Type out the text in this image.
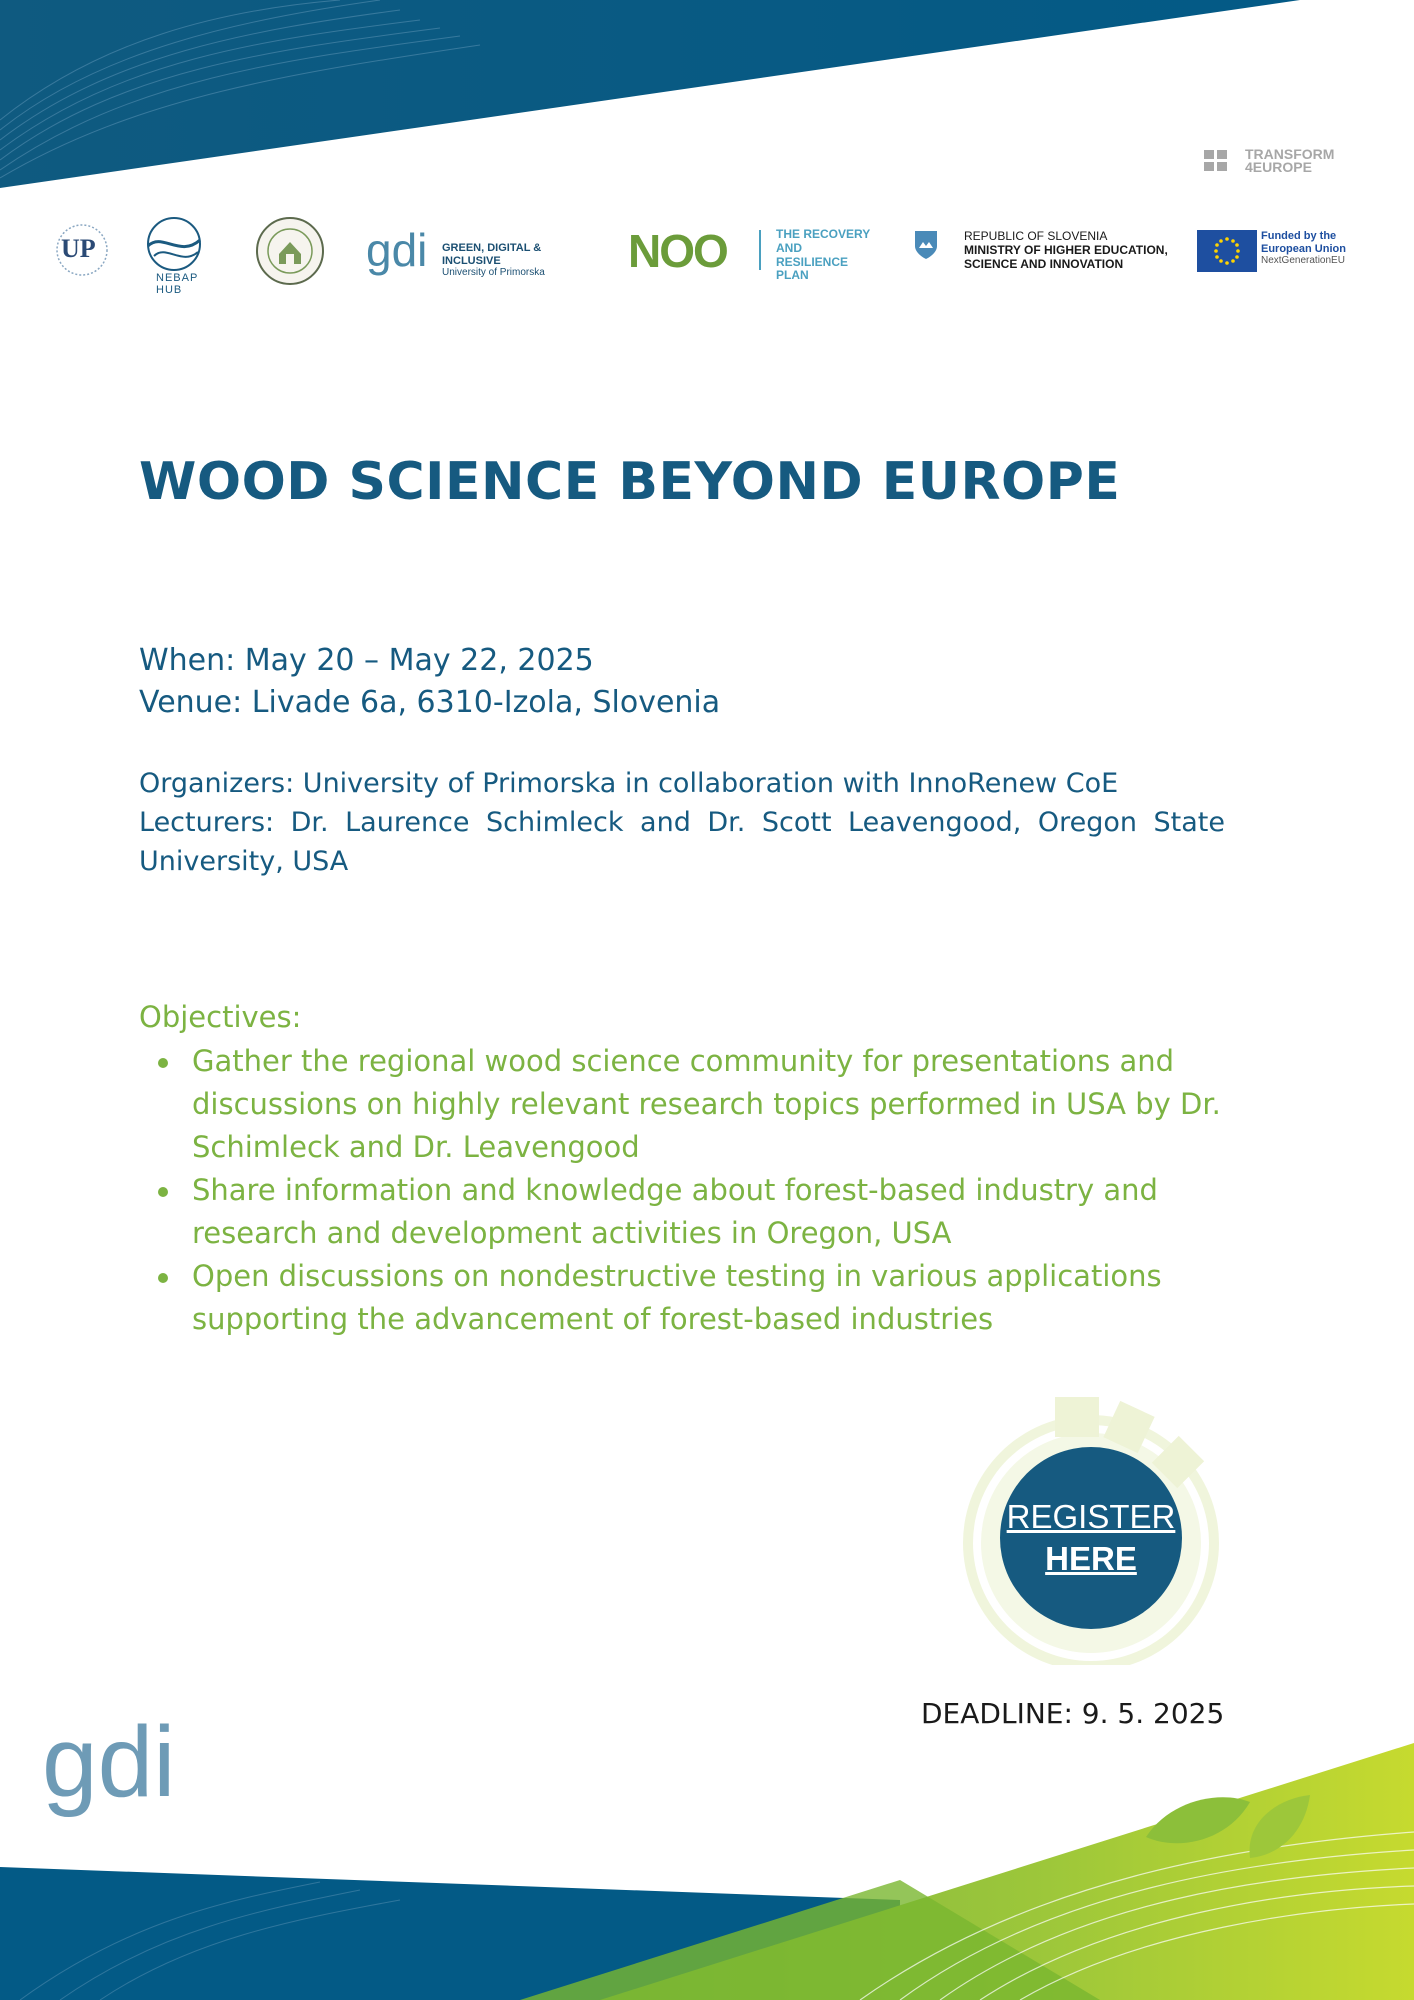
TRANSFORM
4EUROPE
UP
NEBAP HUB
gdi GREEN, DIGITAL & INCLUSIVE
University of Primorska	NOO	THE RECOVERY
AND RESILIENCE
PLAN
REPUBLIC OF SLOVENIA
MINISTRY OF HIGHER EDUCATION,
SCIENCE AND INNOVATION
Funded by the
European Union
NextGenerationEU
WOOD SCIENCE BEYOND EUROPE
When: May 20 – May 22, 2025
Venue: Livade 6a, 6310-Izola, Slovenia

Organizers: University of Primorska in collaboration with InnoRenew CoE

Lecturers: Dr. Laurence Schimleck and Dr. Scott Leavengood, Oregon State University, USA

Objectives:
Gather the regional wood science community for presentations and discussions on highly relevant research topics performed in USA by Dr. Schimleck and Dr. Leavengood
Share information and knowledge about forest-based industry and research and development activities in Oregon, USA
Open discussions on nondestructive testing in various applications supporting the advancement of forest-based industries
REGISTER
HERE
DEADLINE: 9. 5. 2025
gdi
